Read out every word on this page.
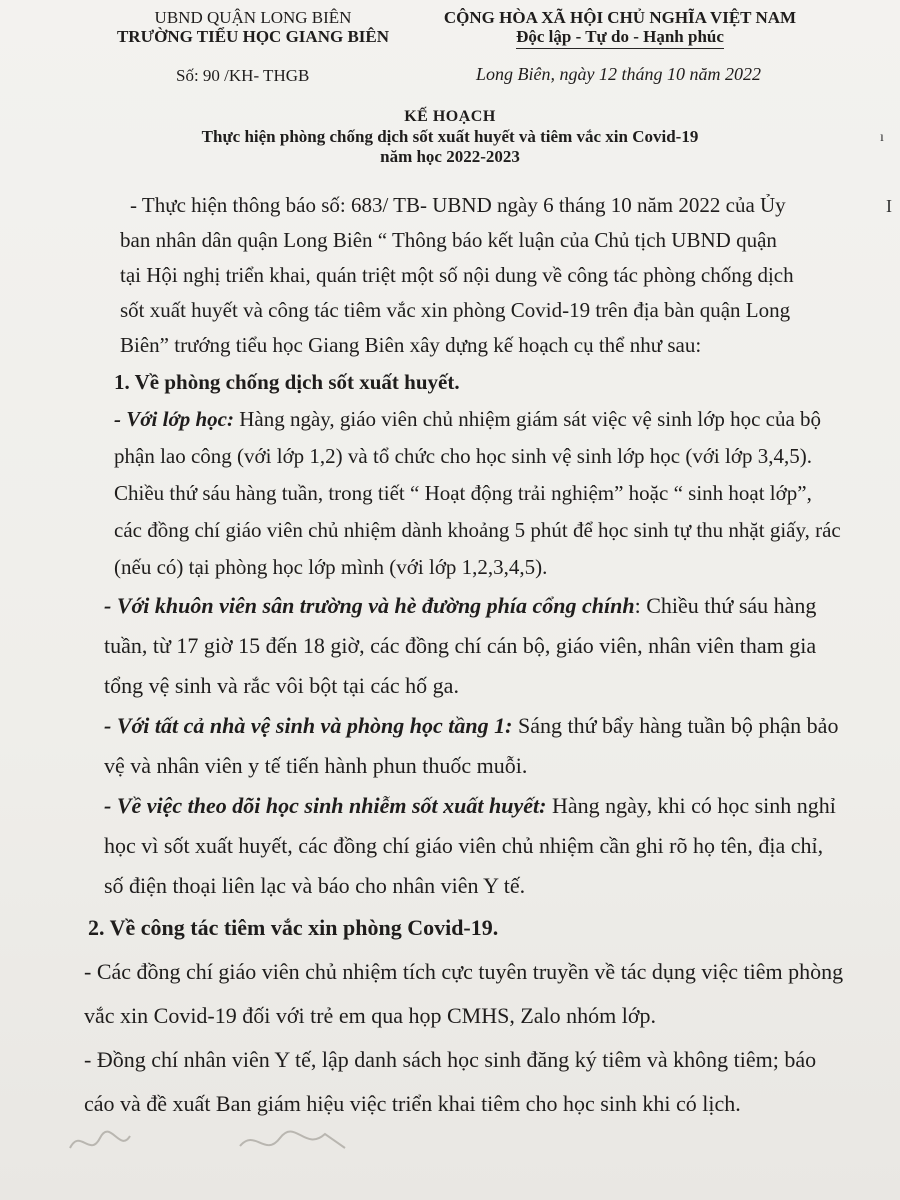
UBND QUẬN LONG BIÊN
TRƯỜNG TIỂU HỌC GIANG BIÊN
CỘNG HÒA XÃ HỘI CHỦ NGHĨA VIỆT NAM
Độc lập - Tự do - Hạnh phúc
Số: 90 /KH- THGB	Long Biên, ngày 12 tháng 10 năm 2022
KẾ HOẠCH
Thực hiện phòng chống dịch sốt xuất huyết và tiêm vắc xin Covid-19
năm học 2022-2023
- Thực hiện thông báo số: 683/ TB- UBND ngày 6 tháng 10 năm 2022 của Ủy
ban nhân dân quận Long Biên “ Thông báo kết luận của Chủ tịch UBND quận
tại Hội nghị triển khai, quán triệt một số nội dung về công tác phòng chống dịch
sốt xuất huyết và công tác tiêm vắc xin phòng Covid-19 trên địa bàn quận Long
Biên” trướng tiểu học Giang Biên xây dựng kế hoạch cụ thể như sau:
1. Về phòng chống dịch sốt xuất huyết.

- Với lớp học: Hàng ngày, giáo viên chủ nhiệm giám sát việc vệ sinh lớp học của bộ phận lao công (với lớp 1,2) và tổ chức cho học sinh vệ sinh lớp học (với lớp 3,4,5). Chiều thứ sáu hàng tuần, trong tiết “ Hoạt động trải nghiệm” hoặc “ sinh hoạt lớp”, các đồng chí giáo viên chủ nhiệm dành khoảng 5 phút để học sinh tự thu nhặt giấy, rác (nếu có) tại phòng học lớp mình (với lớp 1,2,3,4,5).

- Với khuôn viên sân trường và hè đường phía cổng chính: Chiều thứ sáu hàng tuần, từ 17 giờ 15 đến 18 giờ, các đồng chí cán bộ, giáo viên, nhân viên tham gia tổng vệ sinh và rắc vôi bột tại các hố ga.

- Với tất cả nhà vệ sinh và phòng học tầng 1: Sáng thứ bẩy hàng tuần bộ phận bảo vệ và nhân viên y tế tiến hành phun thuốc muỗi.

- Về việc theo dõi học sinh nhiễm sốt xuất huyết: Hàng ngày, khi có học sinh nghỉ học vì sốt xuất huyết, các đồng chí giáo viên chủ nhiệm cần ghi rõ họ tên, địa chỉ, số điện thoại liên lạc và báo cho nhân viên Y tế.

2. Về công tác tiêm vắc xin phòng Covid-19.

- Các đồng chí giáo viên chủ nhiệm tích cực tuyên truyền về tác dụng việc tiêm phòng vắc xin Covid-19 đối với trẻ em qua họp CMHS, Zalo nhóm lớp.

- Đồng chí nhân viên Y tế, lập danh sách học sinh đăng ký tiêm và không tiêm; báo cáo và đề xuất Ban giám hiệu việc triển khai tiêm cho học sinh khi có lịch.

ı
I
